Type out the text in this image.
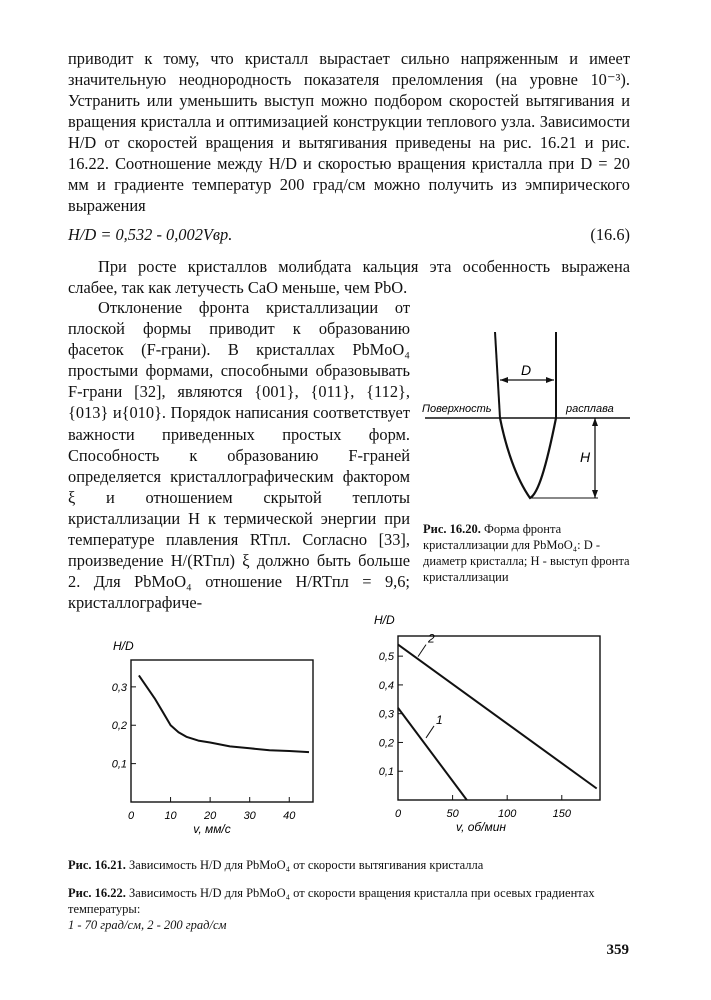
приводит к тому, что кристалл вырастает сильно напряженным и имеет значительную неоднородность показателя преломления (на уровне 10⁻³). Устранить или уменьшить выступ можно подбором скоростей вытягивания и вращения кристалла и оптимизацией конструкции теплового узла. Зависимости H/D от скоростей вращения и вытягивания приведены на рис. 16.21 и рис. 16.22. Соотношение между H/D и скоростью вращения кристалла при D = 20 мм и градиенте температур 200 град/см можно получить из эмпирического выражения

H/D = 0,532 - 0,002Vвр.	(16.6)
При росте кристаллов молибдата кальция эта особенность выражена слабее, так как летучесть CaO меньше, чем PbO.
Отклонение фронта кристаллизации от плоской формы приводит к образованию фасеток (F-грани). В кристаллах PbMoO₄ простыми формами, способными образовывать F-грани [32], являются {001}, {011}, {112}, {013} и{010}. Порядок написания соответствует важности приведенных простых форм. Способность к образованию F-граней определяется кристаллографическим фактором ξ и отношением скрытой теплоты кристаллизации H к термической энергии при температуре плавления RTпл. Согласно [33], произведение H/(RTпл) ξ должно быть больше 2. Для PbMoO₄ отношение H/RTпл = 9,6; кристаллографиче-
D
Поверхность	расплава
H
Рис. 16.20. Форма фронта кристаллизации для PbMoO₄: D - диаметр кристалла; H - выступ фронта кристаллизации
0,1
0,2
0,3
0	10 20 30 40
H/D
v, мм/с
0,1
0,2
0,3
0,4
0,5
0	50	100	150
H/D
v, об/мин
1
2
Рис. 16.21. Зависимость H/D для PbMoO₄ от скорости вытягивания кристалла
Рис. 16.22. Зависимость H/D для PbMoO₄ от скорости вращения кристалла при осевых градиентах температуры:
1 - 70 град/см, 2 - 200 град/см
359
